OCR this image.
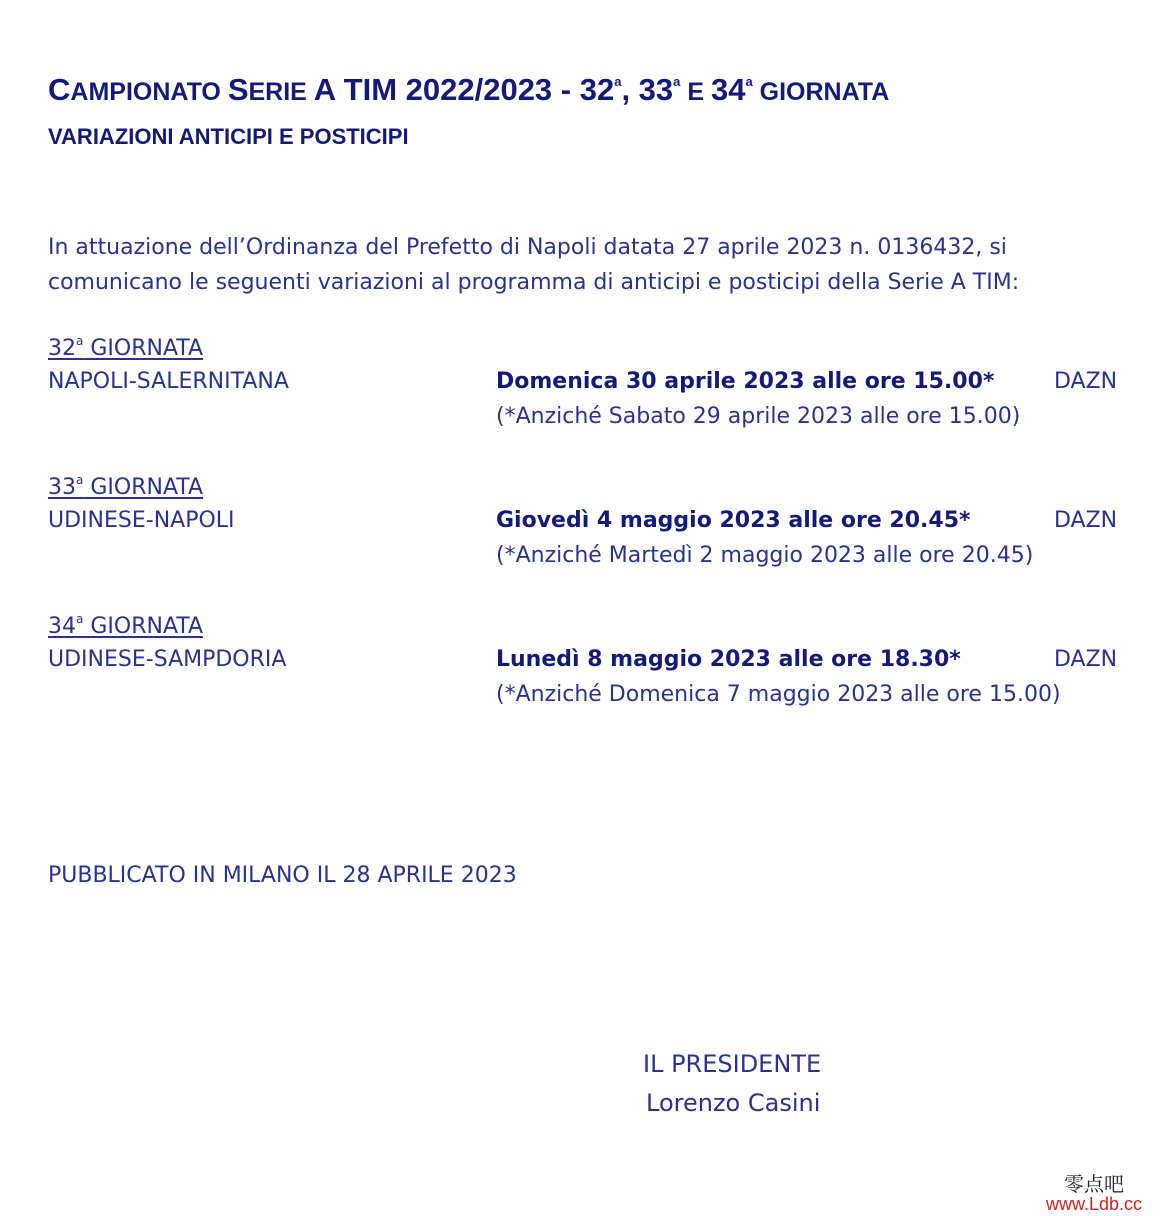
CAMPIONATO SERIE A TIM 2022/2023 - 32$^a$, 33$^a$ E 34$^a$ GIORNATA
VARIAZIONI ANTICIPI E POSTICIPI
In attuazione dell’Ordinanza del Prefetto di Napoli datata 27 aprile 2023 n. 0136432, si
comunicano le seguenti variazioni al programma di anticipi e posticipi della Serie A TIM:
32$^a$ GIORNATA
NAPOLI-SALERNITANA	Domenica 30 aprile 2023 alle ore 15.00*	DAZN
(*Anziché Sabato 29 aprile 2023 alle ore 15.00)
33$^a$ GIORNATA
UDINESE-NAPOLI	Giovedì 4 maggio 2023 alle ore 20.45*	DAZN
(*Anziché Martedì 2 maggio 2023 alle ore 20.45)
34$^a$ GIORNATA
UDINESE-SAMPDORIA	Lunedì 8 maggio 2023 alle ore 18.30*	DAZN
(*Anziché Domenica 7 maggio 2023 alle ore 15.00)
PUBBLICATO IN MILANO IL 28 APRILE 2023
IL PRESIDENTE
Lorenzo Casini
零点吧
www.Ldb.cc
